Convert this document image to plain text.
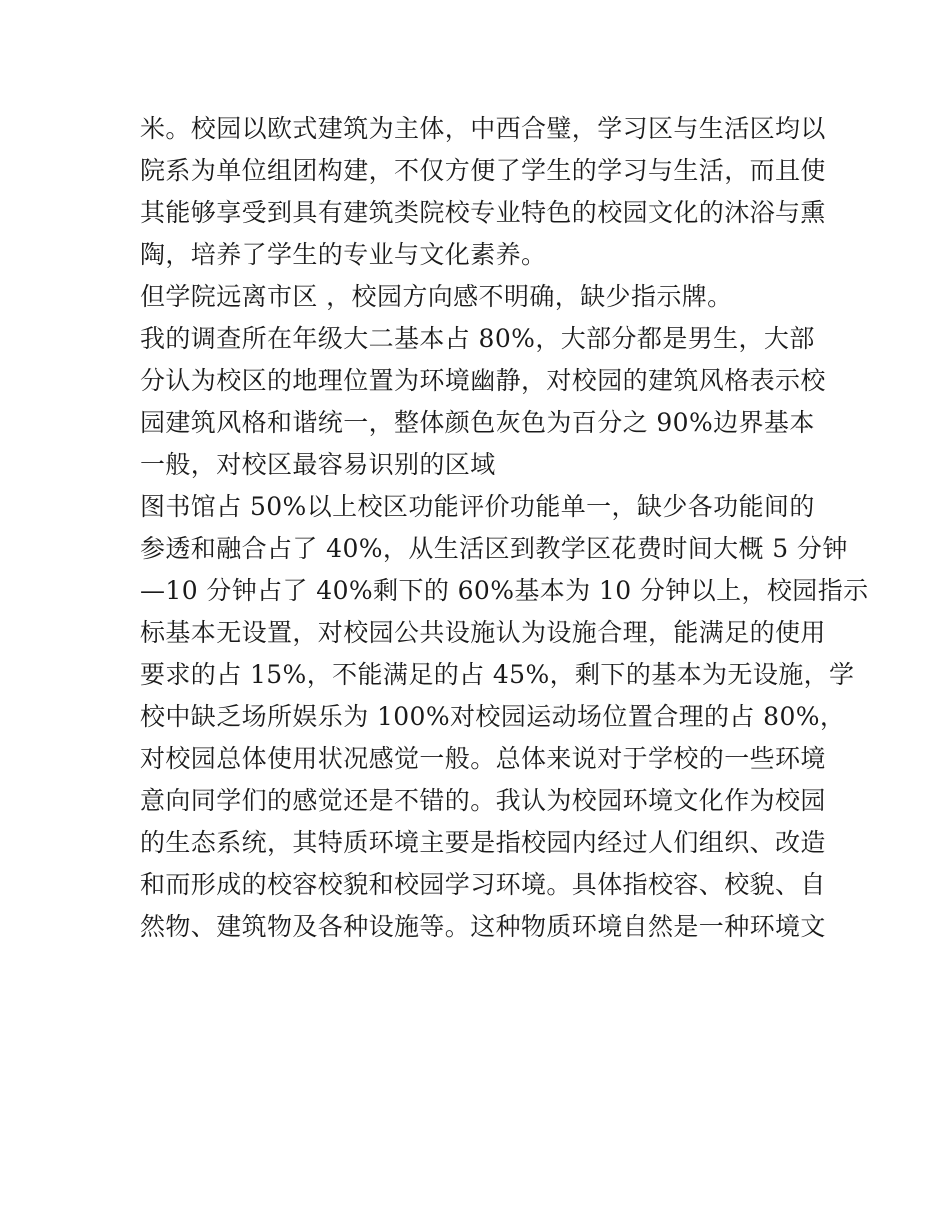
米。校园以欧式建筑为主体，中西合璧，学习区与生活区均以
院系为单位组团构建，不仅方便了学生的学习与生活，而且使
其能够享受到具有建筑类院校专业特色的校园文化的沐浴与熏
陶，培养了学生的专业与文化素养。
但学院远离市区 ，校园方向感不明确，缺少指示牌。
我的调查所在年级大二基本占 80%，大部分都是男生，大部
分认为校区的地理位置为环境幽静，对校园的建筑风格表示校
园建筑风格和谐统一，整体颜色灰色为百分之 90%边界基本
一般，对校区最容易识别的区域
图书馆占 50%以上校区功能评价功能单一，缺少各功能间的
参透和融合占了 40%，从生活区到教学区花费时间大概 5 分钟
—10 分钟占了 40%剩下的 60%基本为 10 分钟以上，校园指示
标基本无设置，对校园公共设施认为设施合理，能满足的使用
要求的占 15%，不能满足的占 45%，剩下的基本为无设施，学
校中缺乏场所娱乐为 100%对校园运动场位置合理的占 80%，
对校园总体使用状况感觉一般。总体来说对于学校的一些环境
意向同学们的感觉还是不错的。我认为校园环境文化作为校园
的生态系统，其特质环境主要是指校园内经过人们组织、改造
和而形成的校容校貌和校园学习环境。具体指校容、校貌、自
然物、建筑物及各种设施等。这种物质环境自然是一种环境文
